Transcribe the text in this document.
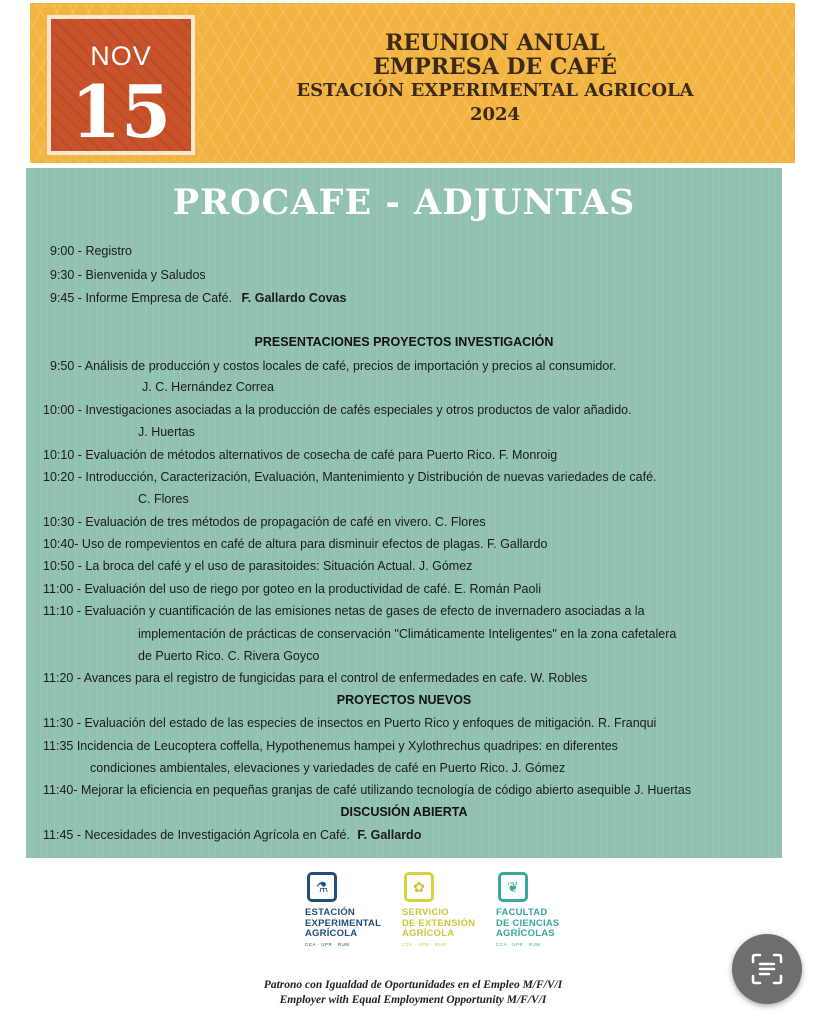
NOV
15
REUNION ANUAL
EMPRESA DE CAFÉ
ESTACIÓN EXPERIMENTAL AGRICOLA
2024
PROCAFE - ADJUNTAS
9:00 - Registro
9:30 - Bienvenida y Saludos
9:45 - Informe Empresa de Café. F. Gallardo Covas
PRESENTACIONES PROYECTOS INVESTIGACIÓN
9:50 - Análisis de producción y costos locales de café, precios de importación y precios al consumidor.
J. C. Hernández Correa
10:00 - Investigaciones asociadas a la producción de cafés especiales y otros productos de valor añadido.
J. Huertas
10:10 - Evaluación de métodos alternativos de cosecha de café para Puerto Rico. F. Monroig
10:20 - Introducción, Caracterización, Evaluación, Mantenimiento y Distribución de nuevas variedades de café.
C. Flores
10:30 - Evaluación de tres métodos de propagación de café en vivero. C. Flores
10:40- Uso de rompevientos en café de altura para disminuir efectos de plagas. F. Gallardo
10:50 - La broca del café y el uso de parasitoides: Situación Actual. J. Gómez
11:00 - Evaluación del uso de riego por goteo en la productividad de café. E. Román Paoli
11:10 - Evaluación y cuantificación de las emisiones netas de gases de efecto de invernadero asociadas a la
implementación de prácticas de conservación "Climáticamente Inteligentes" en la zona cafetalera
de Puerto Rico. C. Rivera Goyco
11:20 - Avances para el registro de fungicidas para el control de enfermedades en cafe. W. Robles
PROYECTOS NUEVOS
11:30 - Evaluación del estado de las especies de insectos en Puerto Rico y enfoques de mitigación. R. Franqui
11:35 Incidencia de Leucoptera coffella, Hypothenemus hampei y Xylothrechus quadripes: en diferentes
condiciones ambientales, elevaciones y variedades de café en Puerto Rico. J. Gómez
11:40- Mejorar la eficiencia en pequeñas granjas de café utilizando tecnología de código abierto asequible J. Huertas
DISCUSIÓN ABIERTA
11:45 - Necesidades de Investigación Agrícola en Café. F. Gallardo
⚗
ESTACIÓN
EXPERIMENTAL
AGRÍCOLA
CCA · UPR · RUM
✿
SERVICIO
DE EXTENSIÓN
AGRÍCOLA
CCA · UPR · RUM
❦
FACULTAD
DE CIENCIAS
AGRÍCOLAS
CCA · UPR · RUM
Patrono con Igualdad de Oportunidades en el Empleo M/F/V/I
Employer with Equal Employment Opportunity M/F/V/I
